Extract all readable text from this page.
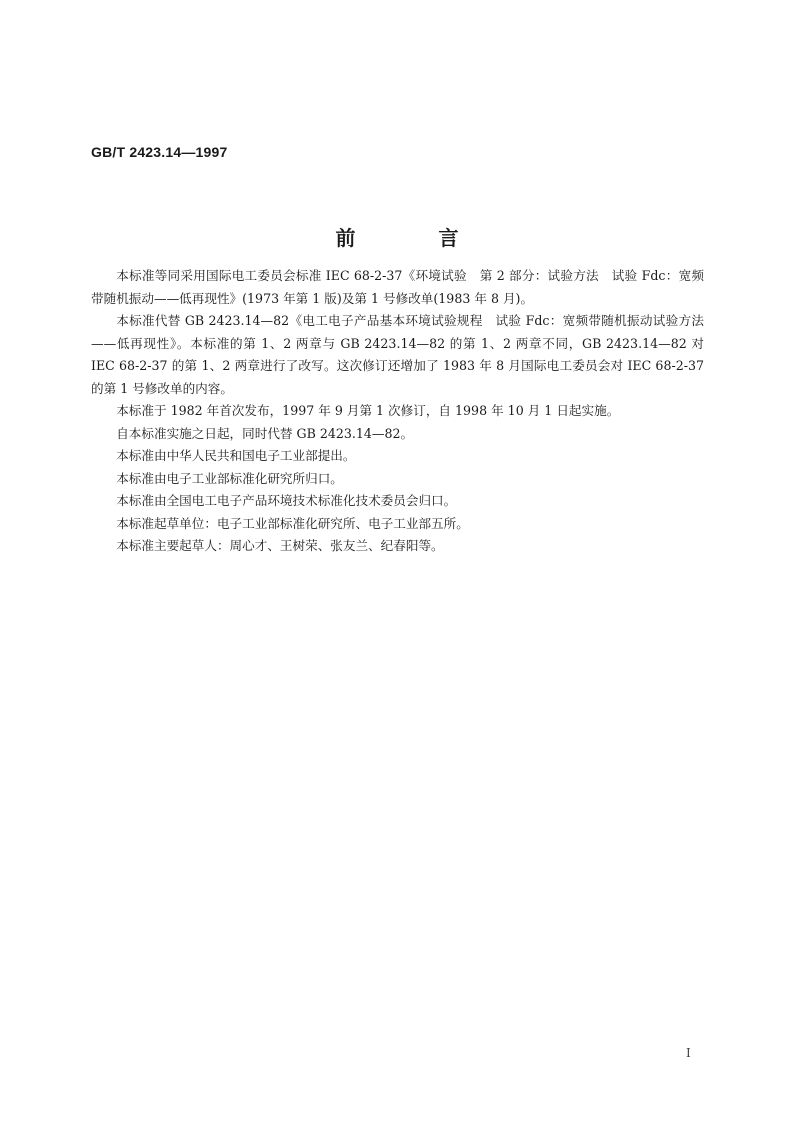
GB/T 2423.14—1997
前 言

本标准等同采用国际电工委员会标准 IEC 68-2-37《环境试验　第 2 部分：试验方法　试验 Fdc：宽频带随机振动——低再现性》(1973 年第 1 版)及第 1 号修改单(1983 年 8 月)。

本标准代替 GB 2423.14—82《电工电子产品基本环境试验规程　试验 Fdc：宽频带随机振动试验方法——低再现性》。本标准的第 1、2 两章与 GB 2423.14—82 的第 1、2 两章不同，GB 2423.14—82 对 IEC 68-2-37 的第 1、2 两章进行了改写。这次修订还增加了 1983 年 8 月国际电工委员会对 IEC 68-2-37 的第 1 号修改单的内容。

本标准于 1982 年首次发布，1997 年 9 月第 1 次修订，自 1998 年 10 月 1 日起实施。

自本标准实施之日起，同时代替 GB 2423.14—82。

本标准由中华人民共和国电子工业部提出。

本标准由电子工业部标准化研究所归口。

本标准由全国电工电子产品环境技术标准化技术委员会归口。

本标准起草单位：电子工业部标准化研究所、电子工业部五所。

本标准主要起草人：周心才、王树荣、张友兰、纪春阳等。

I
